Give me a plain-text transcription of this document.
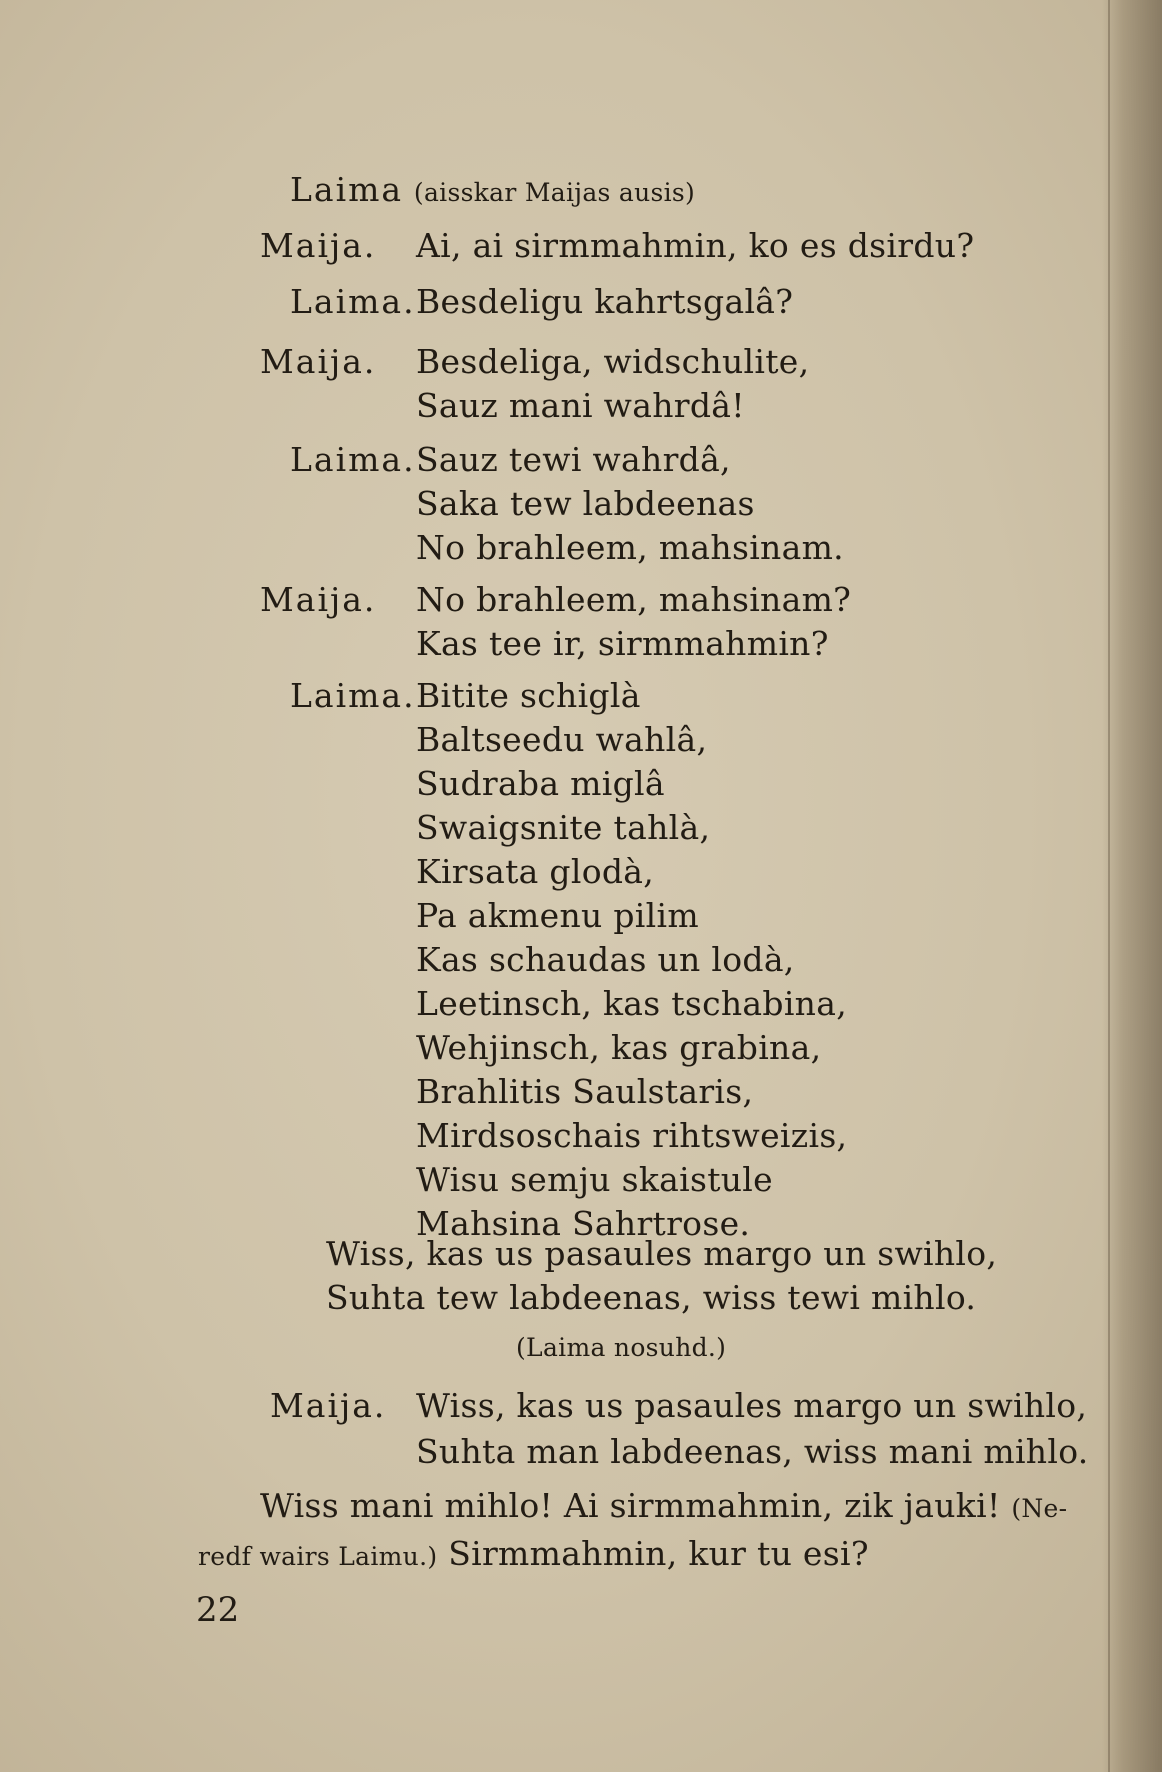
Laima (aisskar Maijas ausis)
Maija. Ai, ai sirmmahmin, ko es dsirdu?
Laima. Besdeligu kahrtsgalâ?
Maija. Besdeliga, widschulite,
Sauz mani wahrdâ!
Laima. Sauz tewi wahrdâ,
Saka tew labdeenas
No brahleem, mahsinam.
Maija. No brahleem, mahsinam?
Kas tee ir, sirmmahmin?
Laima. Bitite schiglà
Baltseedu wahlâ,
Sudraba miglâ
Swaigsnite tahlà,
Kirsata glodà,
Pa akmenu pilim
Kas schaudas un lodà,
Leetinsch, kas tschabina,
Wehjinsch, kas grabina,
Brahlitis Saulstaris,
Mirdsoschais rihtsweizis,
Wisu semju skaistule
Mahsina Sahrtrose.
Wiss, kas us pasaules margo un swihlo,
Suhta tew labdeenas, wiss tewi mihlo.
(Laima nosuhd.)
Maija. Wiss, kas us pasaules margo un swihlo,
Suhta man labdeenas, wiss mani mihlo.
Wiss mani mihlo! Ai sirmmahmin, zik jauki! (Ne-
redf wairs Laimu.) Sirmmahmin, kur tu esi?
22
